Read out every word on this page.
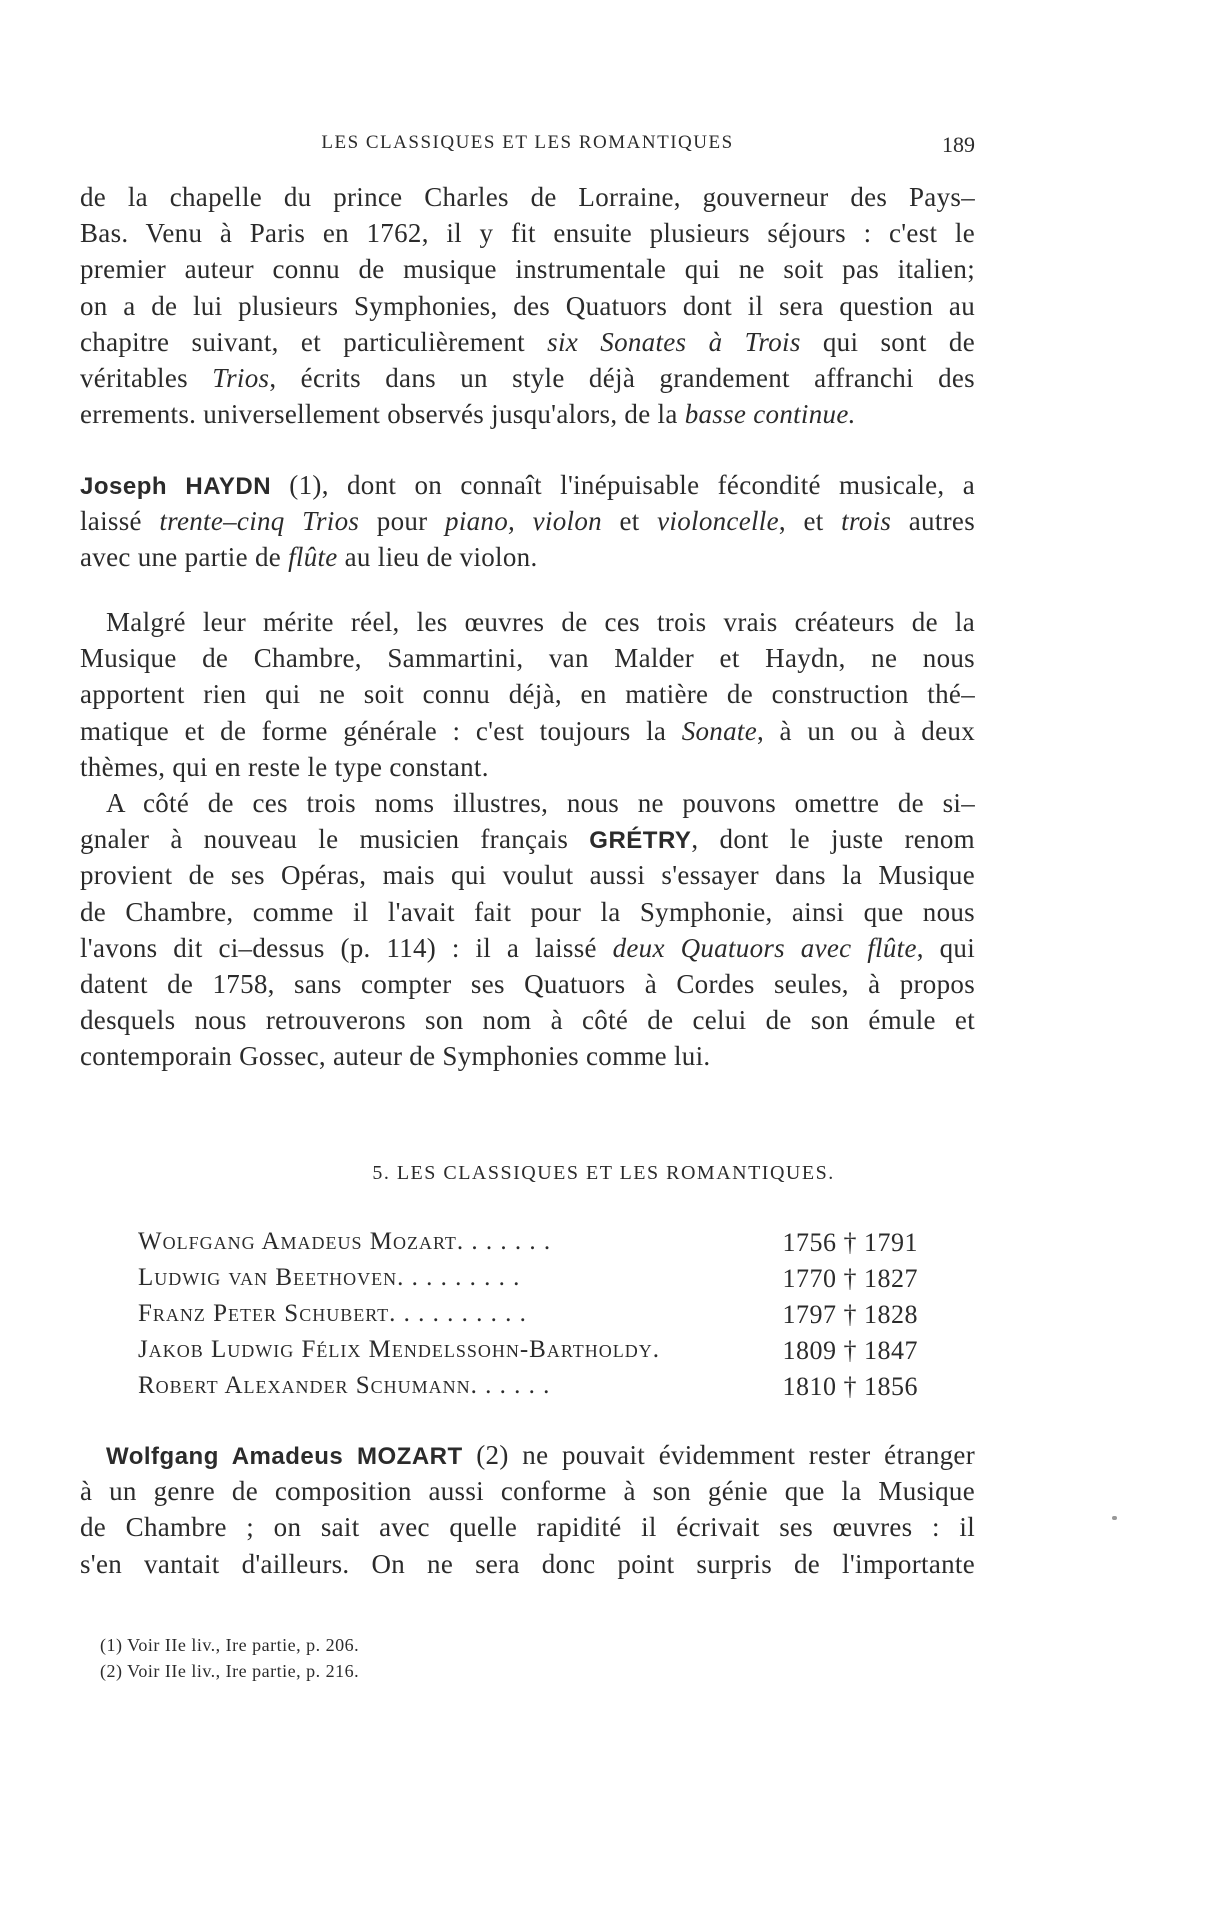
LES CLASSIQUES ET LES ROMANTIQUES	189
de la chapelle du prince Charles de Lorraine, gouverneur des Pays–
Bas. Venu à Paris en 1762, il y fit ensuite plusieurs séjours : c'est le
premier auteur connu de musique instrumentale qui ne soit pas italien;
on a de lui plusieurs Symphonies, des Quatuors dont il sera question au
chapitre suivant, et particulièrement six Sonates à Trois qui sont de
véritables Trios, écrits dans un style déjà grandement affranchi des
errements. universellement observés jusqu'alors, de la basse continue.
Joseph HAYDN (1), dont on connaît l'inépuisable fécondité musicale, a
laissé trente–cinq Trios pour piano, violon et violoncelle, et trois autres
avec une partie de flûte au lieu de violon.
Malgré leur mérite réel, les œuvres de ces trois vrais créateurs de la
Musique de Chambre, Sammartini, van Malder et Haydn, ne nous
apportent rien qui ne soit connu déjà, en matière de construction thé–
matique et de forme générale : c'est toujours la Sonate, à un ou à deux
thèmes, qui en reste le type constant.
A côté de ces trois noms illustres, nous ne pouvons omettre de si–
gnaler à nouveau le musicien français GRÉTRY, dont le juste renom
provient de ses Opéras, mais qui voulut aussi s'essayer dans la Musique
de Chambre, comme il l'avait fait pour la Symphonie, ainsi que nous
l'avons dit ci–dessus (p. 114) : il a laissé deux Quatuors avec flûte, qui
datent de 1758, sans compter ses Quatuors à Cordes seules, à propos
desquels nous retrouverons son nom à côté de celui de son émule et
contemporain Gossec, auteur de Symphonies comme lui.
5. LES CLASSIQUES ET LES ROMANTIQUES.
Wolfgang Amadeus Mozart. . . . . . .	1756 † 1791
Ludwig van Beethoven. . . . . . . . .	1770 † 1827
Franz Peter Schubert. . . . . . . . . .	1797 † 1828
Jakob Ludwig Félix Mendelssohn-Bartholdy.	1809 † 1847
Robert Alexander Schumann. . . . . .	1810 † 1856
Wolfgang Amadeus MOZART (2) ne pouvait évidemment rester étranger
à un genre de composition aussi conforme à son génie que la Musique
de Chambre ; on sait avec quelle rapidité il écrivait ses œuvres : il
s'en vantait d'ailleurs. On ne sera donc point surpris de l'importante
(1) Voir IIe liv., Ire partie, p. 206.
(2) Voir IIe liv., Ire partie, p. 216.
